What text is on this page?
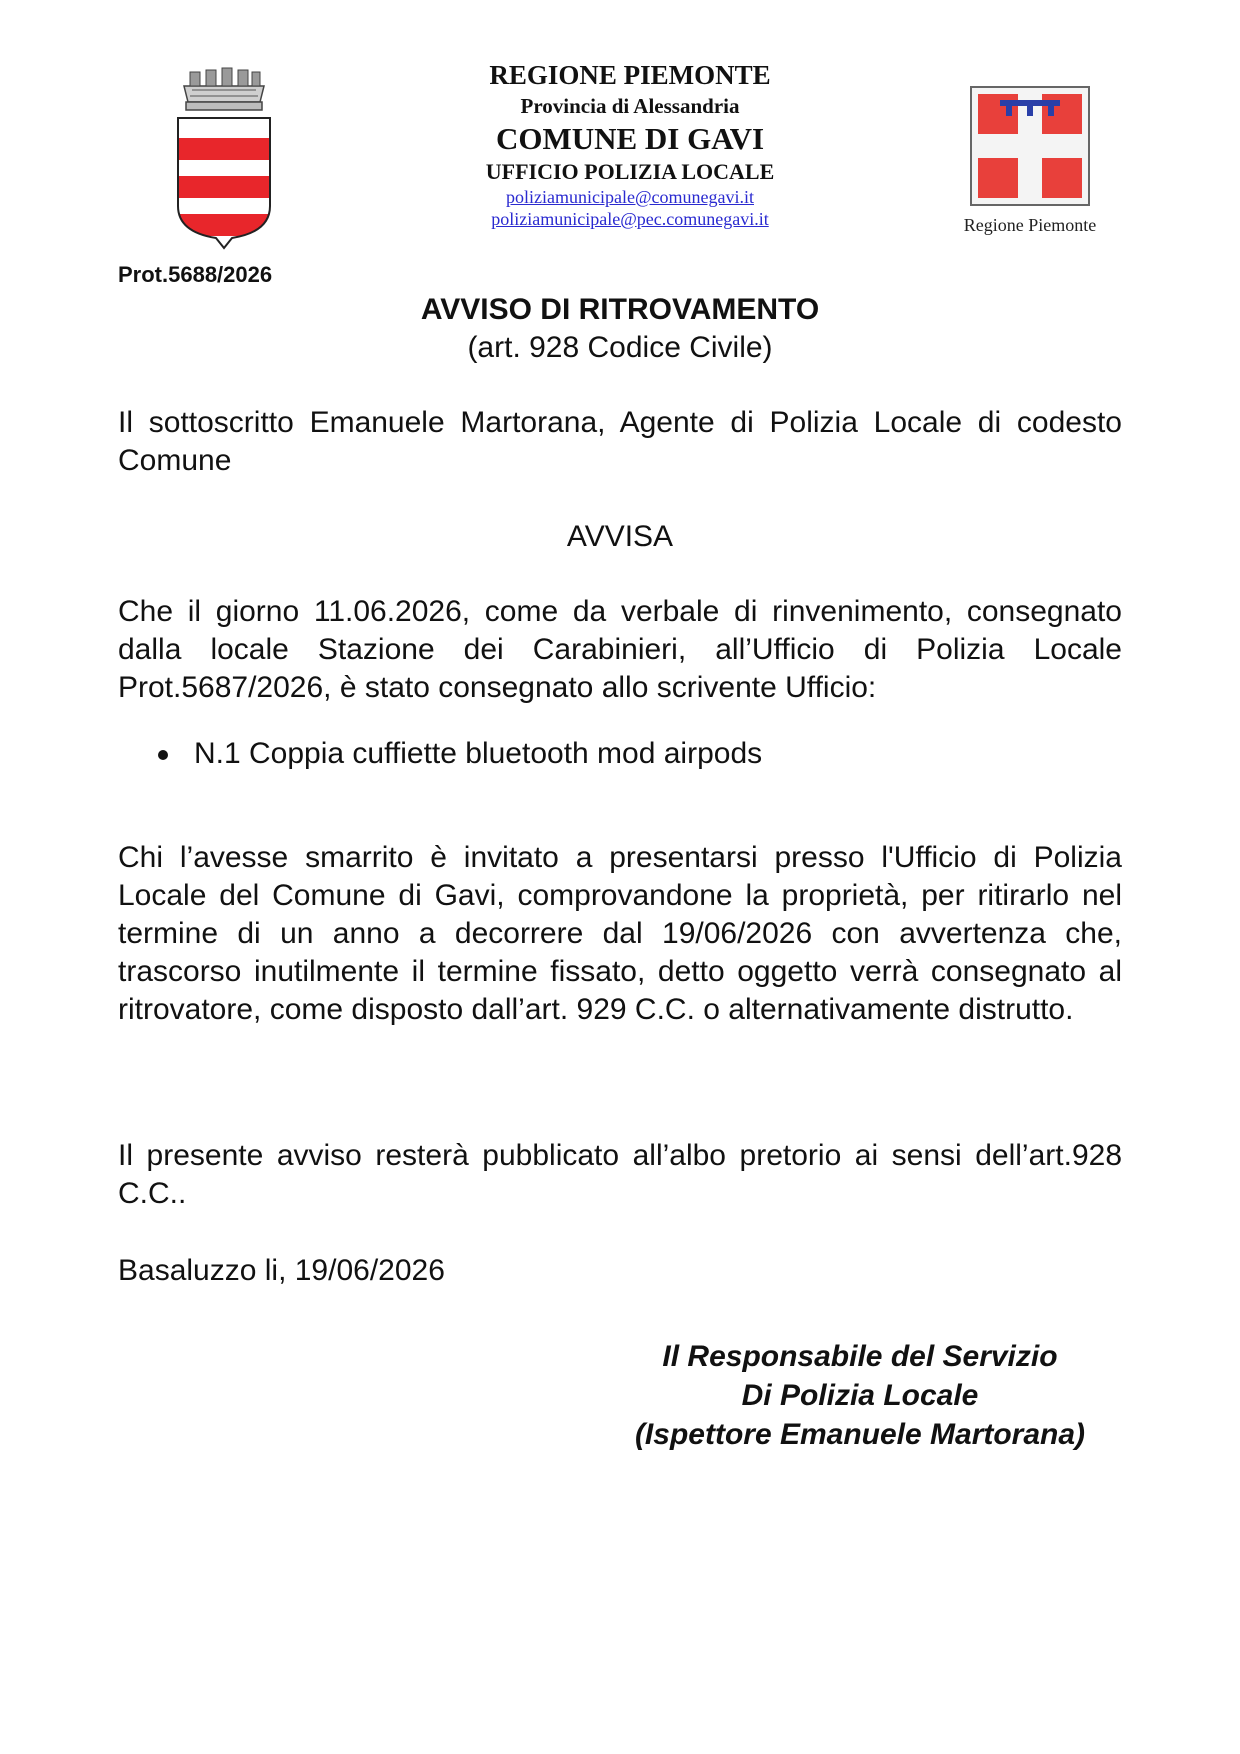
REGIONE PIEMONTE
Provincia di Alessandria
COMUNE DI GAVI
UFFICIO POLIZIA LOCALE
poliziamunicipale@comunegavi.it
poliziamunicipale@pec.comunegavi.it	Regione Piemonte
Prot.5688/2026
AVVISO DI RITROVAMENTO
(art. 928 Codice Civile)
Il sottoscritto Emanuele Martorana, Agente di Polizia Locale di codesto Comune
AVVISA
Che il giorno 11.06.2026, come da verbale di rinvenimento, consegnato dalla locale Stazione dei Carabinieri, all’Ufficio di Polizia Locale Prot.5687/2026, è stato consegnato allo scrivente Ufficio:
N.1 Coppia cuffiette bluetooth mod airpods
Chi l’avesse smarrito è invitato a presentarsi presso l'Ufficio di Polizia Locale del Comune di Gavi, comprovandone la proprietà, per ritirarlo nel termine di un anno a decorrere dal 19/06/2026 con avvertenza che, trascorso inutilmente il termine fissato, detto oggetto verrà consegnato al ritrovatore, come disposto dall’art. 929 C.C. o alternativamente distrutto.
Il presente avviso resterà pubblicato all’albo pretorio ai sensi dell’art.928 C.C..
Basaluzzo li, 19/06/2026
Il Responsabile del Servizio
Di Polizia Locale
(Ispettore Emanuele Martorana)
